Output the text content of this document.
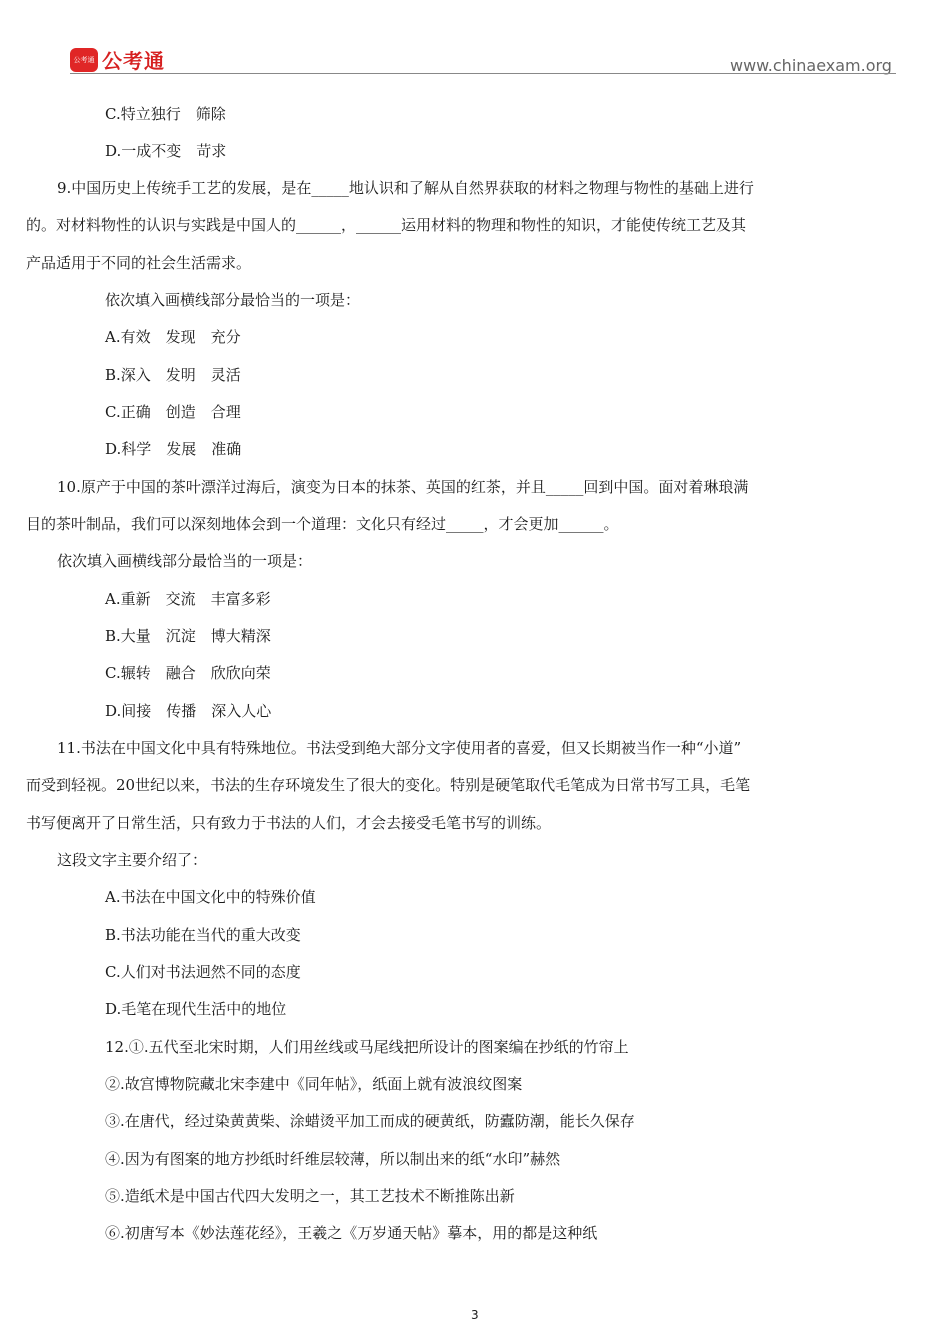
公考通 公考通	www.chinaexam.org
C.特立独行　筛除
D.一成不变　苛求
9.中国历史上传统手工艺的发展，是在_____地认识和了解从自然界获取的材料之物理与物性的基础上进行
的。对材料物性的认识与实践是中国人的______，______运用材料的物理和物性的知识，才能使传统工艺及其
产品适用于不同的社会生活需求。
依次填入画横线部分最恰当的一项是：
A.有效　发现　充分
B.深入　发明　灵活
C.正确　创造　合理
D.科学　发展　准确
10.原产于中国的茶叶漂洋过海后，演变为日本的抹茶、英国的红茶，并且_____回到中国。面对着琳琅满
目的茶叶制品，我们可以深刻地体会到一个道理：文化只有经过_____，才会更加______。
依次填入画横线部分最恰当的一项是：
A.重新　交流　丰富多彩
B.大量　沉淀　博大精深
C.辗转　融合　欣欣向荣
D.间接　传播　深入人心
11.书法在中国文化中具有特殊地位。书法受到绝大部分文字使用者的喜爱，但又长期被当作一种“小道”
而受到轻视。20世纪以来，书法的生存环境发生了很大的变化。特别是硬笔取代毛笔成为日常书写工具，毛笔
书写便离开了日常生活，只有致力于书法的人们，才会去接受毛笔书写的训练。
这段文字主要介绍了：
A.书法在中国文化中的特殊价值
B.书法功能在当代的重大改变
C.人们对书法迥然不同的态度
D.毛笔在现代生活中的地位
12.①.五代至北宋时期，人们用丝线或马尾线把所设计的图案编在抄纸的竹帘上
②.故宫博物院藏北宋李建中《同年帖》，纸面上就有波浪纹图案
③.在唐代，经过染黄黄柴、涂蜡烫平加工而成的硬黄纸，防蠹防潮，能长久保存
④.因为有图案的地方抄纸时纤维层较薄，所以制出来的纸“水印”赫然
⑤.造纸术是中国古代四大发明之一，其工艺技术不断推陈出新
⑥.初唐写本《妙法莲花经》，王羲之《万岁通天帖》摹本，用的都是这种纸
3
